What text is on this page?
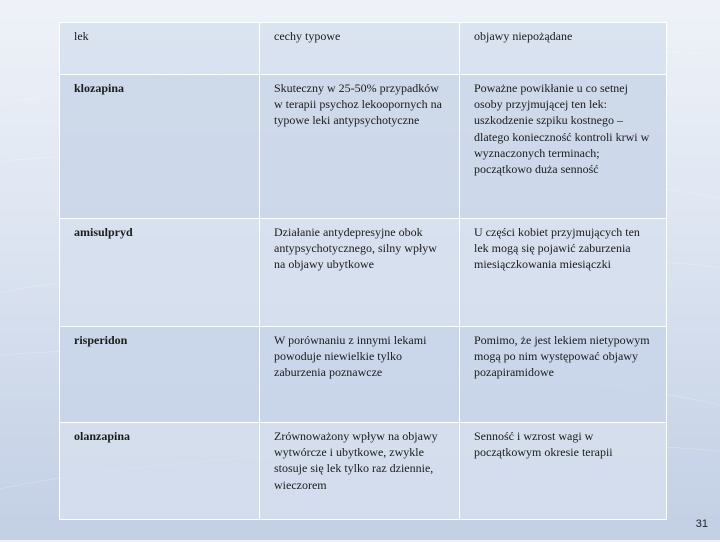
lek	cechy typowe	objawy niepożądane
klozapina	Skuteczny w 25-50% przypadków w terapii psychoz lekoopornych na typowe leki antypsychotyczne	Poważne powikłanie u co setnej osoby przyjmującej ten lek: uszkodzenie szpiku kostnego – dlatego konieczność kontroli krwi w wyznaczonych terminach; początkowo duża senność
amisulpryd	Działanie antydepresyjne obok antypsychotycznego, silny wpływ na objawy ubytkowe	U części kobiet przyjmujących ten lek mogą się pojawić zaburzenia miesiączkowania miesiączki
risperidon	W porównaniu z innymi lekami powoduje niewielkie tylko zaburzenia poznawcze	Pomimo, że jest lekiem nietypowym mogą po nim występować objawy pozapiramidowe
olanzapina	Zrównoważony wpływ na objawy wytwórcze i ubytkowe, zwykle stosuje się lek tylko raz dziennie, wieczorem	Senność i wzrost wagi w początkowym okresie terapii
31
